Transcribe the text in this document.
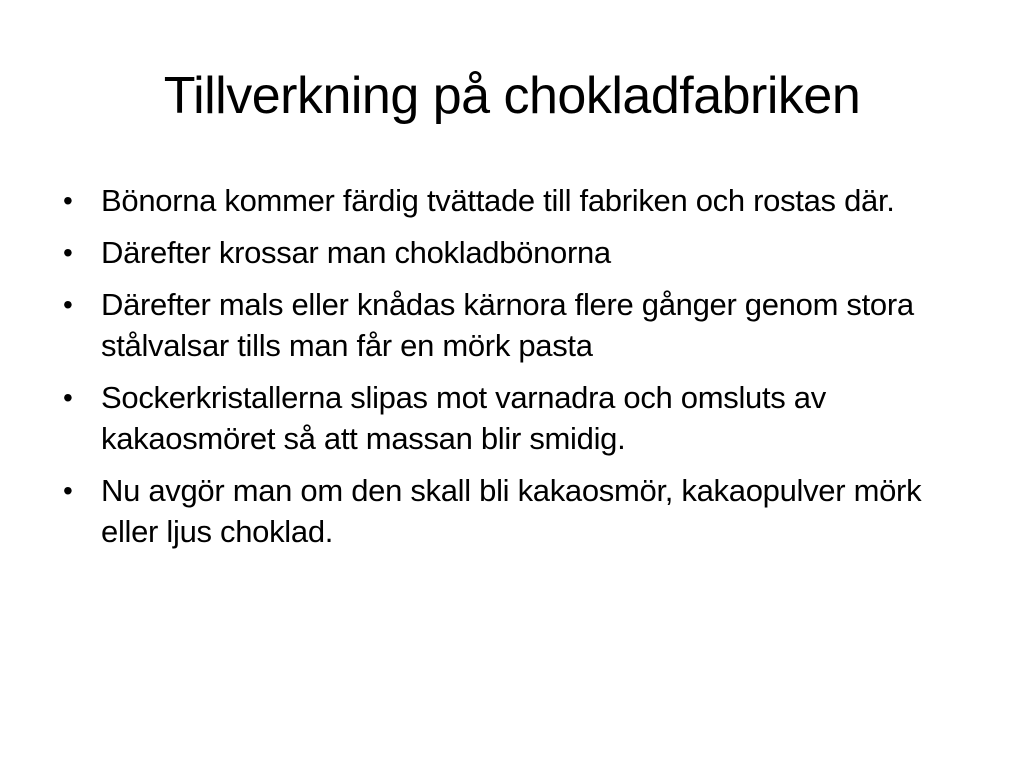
Tillverkning på chokladfabriken
• Bönorna kommer färdig tvättade till fabriken och rostas där.
• Därefter krossar man chokladbönorna
• Därefter mals eller knådas kärnora flere gånger genom stora stålvalsar tills man får en mörk pasta
• Sockerkristallerna slipas mot varnadra och omsluts av kakaosmöret så att massan blir smidig.
• Nu avgör man om den skall bli kakaosmör, kakaopulver mörk eller ljus choklad.
